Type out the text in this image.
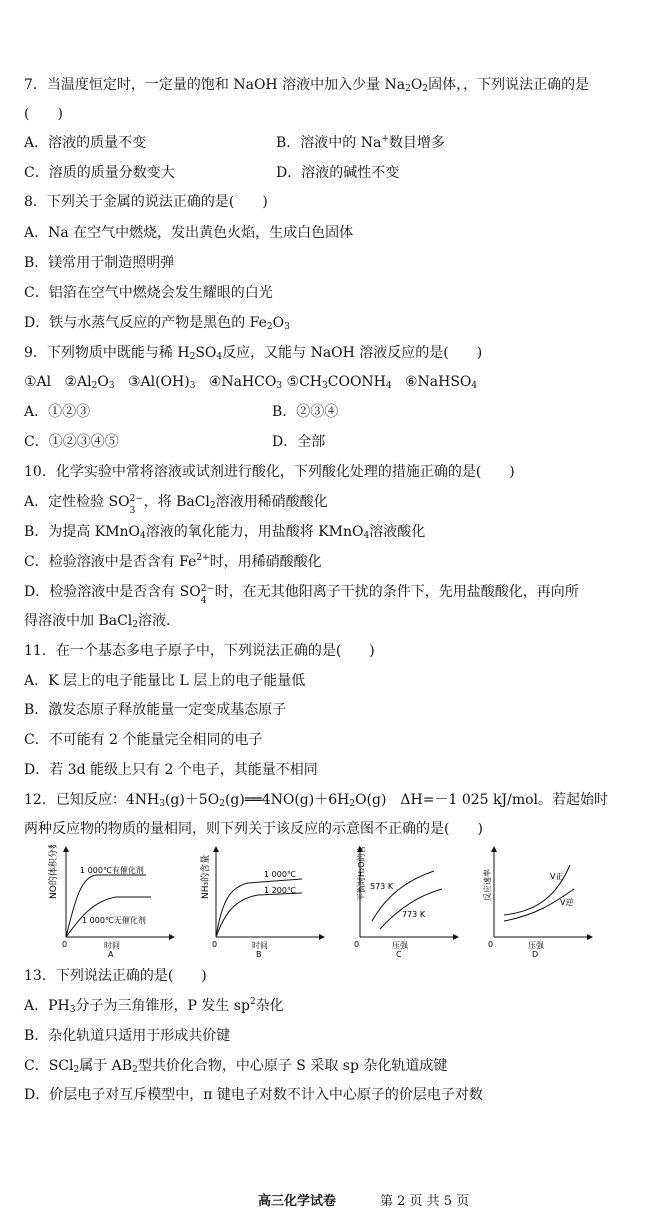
7．当温度恒定时，一定量的饱和 NaOH 溶液中加入少量 $Na_2O_2$固体，，下列说法正确的是
(　　)
A．溶液的质量不变	B．溶液中的 Na+数目增多
C．溶质的质量分数变大	D．溶液的碱性不变
8．下列关于金属的说法正确的是(　　)
A．Na 在空气中燃烧，发出黄色火焰，生成白色固体
B．镁常用于制造照明弹
C．铝箔在空气中燃烧会发生耀眼的白光
D．铁与水蒸气反应的产物是黑色的 $Fe_2O_3$
9．下列物质中既能与稀 $H_2SO_4$反应，又能与 NaOH 溶液反应的是(　　)
①Al $②Al_2O_3$ $③Al(OH)_3$ ④NaHCO$_3$ $⑤CH_3COONH_4$ ⑥NaHSO$_4$
A．①②③	B．②③④
C．①②③④⑤	D．全部
10．化学实验中常将溶液或试剂进行酸化，下列酸化处理的措施正确的是(　　)
A．定性检验 SO 2−
3
，将 BaCl$_2$溶液用稀硝酸酸化
B．为提高 KMnO$_4$溶液的氧化能力，用盐酸将 KMnO$_4$溶液酸化
C．检验溶液中是否含有 $Fe^{2+}$时，用稀硝酸酸化
D．检验溶液中是否含有 SO 2−
4
时，在无其他阳离子干扰的条件下，先用盐酸酸化，再向所
得溶液中加 BaCl$_2$溶液.
11．在一个基态多电子原子中，下列说法正确的是(　　)
A．K 层上的电子能量比 L 层上的电子能量低
B．激发态原子释放能量一定变成基态原子
C．不可能有 2 个能量完全相同的电子
D．若 3d 能级上只有 2 个电子，其能量不相同
12．已知反应：$4NH_3(g)+5O_2(g)══4NO(g)+6H_2O(g)$　ΔH=－1 025 kJ/mol。若起始时
两种反应物的物质的量相同，则下列关于该反应的示意图不正确的是(　　)
NO的体积分数	1 000℃有催化剂
1 000℃无催化剂
0	时间
A
NH₃的含量	1 000℃
1 200℃
0	时间
B
平衡时H₂O的含量 573 K
773 K
0	压强
C
反应速率	V正
V逆
0	压强
D
13．下列说法正确的是(　　)
A．$PH_3$分子为三角锥形，P 发生 $sp^2$杂化
B．杂化轨道只适用于形成共价键
C．SCl$_2$属于 $AB_2$型共价化合物，中心原子 S 采取 sp 杂化轨道成键
D．价层电子对互斥模型中，π 键电子对数不计入中心原子的价层电子对数
高三化学试卷	第 2 页 共 5 页
